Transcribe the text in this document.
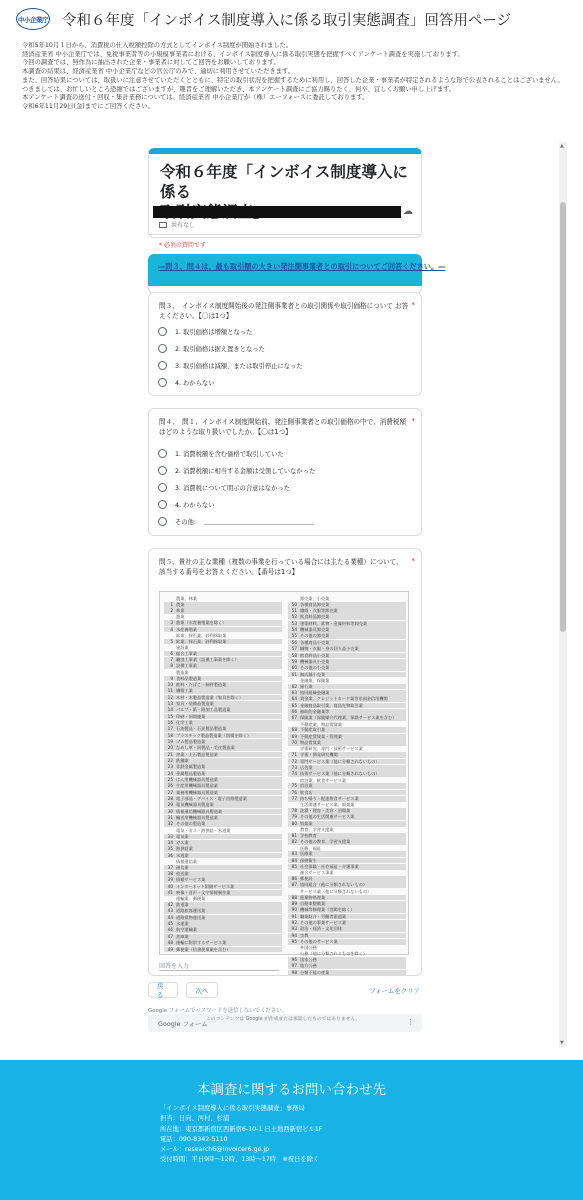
中小企業庁 令和６年度「インボイス制度導入に係る取引実態調査」回答用ページ

令和5年10月１日から、消費税の仕入税額控除の方式としてインボイス制度が開始されました。

経済産業省 中小企業庁では、免税事業者等の小規模事業者における、インボイス制度導入に係る取引実態を把握すべくアンケート調査を実施しております。

今回の調査では、無作為に抽出された企業・事業者に対してご回答をお願いしております。

本調査の結果は、経済産業省 中小企業庁などの官公庁のみで、適切に利用させていただきます。

また、回答結果については、取扱いに注意させていただくとともに、特定の取引状況を把握するために利用し、回答した企業・事業者が特定されるような形で公表されることはございません。

つきましては、お忙しいところ恐縮ではございますが、趣旨をご理解いただき、本アンケート調査にご協力賜りたく、何卒、宜しくお願い申し上げます。

本アンケート調査の送付・回収・集計業務については、経済産業省 中小企業庁が（株）エーフォースに委託しております。

令和6年11月29日(金)までにご回答ください。

▲
▼
令和６年度「インボイス制度導入に係る
☁
共有なし
* 必須の質問です
―問３、問４は、最も取引額の大きい発注側事業者との取引についてご回答ください。―
問３、　インボイス制度開始後の発注側事業者との取引関係や取引価格について お答えください。【〇は1つ】
*
1. 取引価格は増額となった
2. 取引価格は据え置きとなった
3. 取引価格は減額、または取引停止になった
4. わからない
問４、　問１、インボイス制度開始前、発注側事業者との取引価格の中で、消費税額はどのような取り扱いでしたか。【〇は1つ】
*
1. 消費税額を含む価格で取引していた
2. 消費税額に相当する金額は受領していなかった
3. 消費税について明示の合意はなかった
4. わからない
その他:
問５、貴社の主な業種（複数の事業を行っている場合には主たる業種）について、該当する番号をお答えください。【番号は1つ】
*
農業、林業
1 農業
2 林業
漁業
3 漁業（水産養殖業を除く）
4 水産養殖業
鉱業、採石業、砂利採取業
5 鉱業、採石業、砂利採取業
建設業
6 総合工事業
7 職別工事業（設備工事業を除く）
8 設備工事業
製造業
9 食料品製造業
10 飲料・たばこ・飼料製造業
11 繊維工業
12 木材・木製品製造業（家具を除く）
13 家具・装備品製造業
14 パルプ・紙・紙加工品製造業
15 印刷・同関連業
16 化学工業
17 石油製品・石炭製品製造業
18 プラスチック製品製造業（別掲を除く）
19 ゴム製品製造業
20 なめし革・同製品・毛皮製造業
21 窯業・土石製品製造業
22 鉄鋼業
23 非鉄金属製造業
24 金属製品製造業
25 はん用機械器具製造業
26 生産用機械器具製造業
27 業務用機械器具製造業
28 電子部品・デバイス・電子回路製造業
29 電気機械器具製造業
30 情報通信機械器具製造業
31 輸送用機械器具製造業
32 その他の製造業
電気・ガス・熱供給・水道業
33 電気業
34 ガス業
35 熱供給業
36 水道業
情報通信業
37 通信業
38 放送業
39 情報サービス業
40 インターネット附随サービス業
41 映像・音声・文字情報制作業
運輸業、郵便業
42 鉄道業
43 道路旅客運送業
44 道路貨物運送業
45 水運業
46 航空運輸業
47 倉庫業
48 運輸に附帯するサービス業
49 郵便業（信書便事業を含む）
卸売業、小売業
50 各種商品卸売業
51 繊維・衣服等卸売業
52 飲食料品卸売業
53 建築材料、鉱物・金属材料等卸売業
54 機械器具卸売業
55 その他の卸売業
56 各種商品小売業
57 織物・衣服・身の回り品小売業
58 飲食料品小売業
59 機械器具小売業
60 その他の小売業
61 無店舗小売業
金融業、保険業
62 銀行業
63 協同組織金融業
64 貸金業、クレジットカード業等非預金信用機関
65 金融商品取引業、商品先物取引業
66 補助的金融業等
67 保険業（保険媒介代理業、保険サービス業を含む）
不動産業、物品賃貸業
68 不動産取引業
69 不動産賃貸業・管理業
70 物品賃貸業
学術研究、専門・技術サービス業
71 学術・開発研究機関
72 専門サービス業（他に分類されないもの）
73 広告業
74 技術サービス業（他に分類されないもの）
宿泊業、飲食サービス業
75 宿泊業
76 飲食店
77 持ち帰り・配達飲食サービス業
生活関連サービス業、娯楽業
78 洗濯・理容・美容・浴場業
79 その他の生活関連サービス業
80 娯楽業
教育、学習支援業
81 学校教育
82 その他の教育、学習支援業
医療、福祉
83 医療業
84 保健衛生
85 社会保険・社会福祉・介護事業
複合サービス事業
86 郵便局
87 協同組合（他に分類されないもの）
サービス業（他に分類されないもの）
88 廃棄物処理業
89 自動車整備業
90 機械等修理業（別掲を除く）
91 職業紹介・労働者派遣業
92 その他の事業サービス業
93 政治・経済・文化団体
94 宗教
95 その他のサービス業
外国公務
公務（他に分類されるものを除く）
96 国家公務
97 地方公務
98 分類不能の産業
回答を入力
戻る
次へ	フォームをクリア
Google フォームでパスワードを送信しないでください。
Google フォーム
このコンテンツは Google が作成または承認したものではありません。	⋮
本調査に関するお問い合わせ先
「インボイス制度導入に係る取引実態調査」事務局
担当：日向、河村、杉浦
所在地：東京都新宿区西新宿6-10-1 日土地西新宿ビル1F
電話：090-8342-5110
メール：research6@invoicer6.go.jp
受付時間：平日9時～12時、13時～17時　※祝日を除く
